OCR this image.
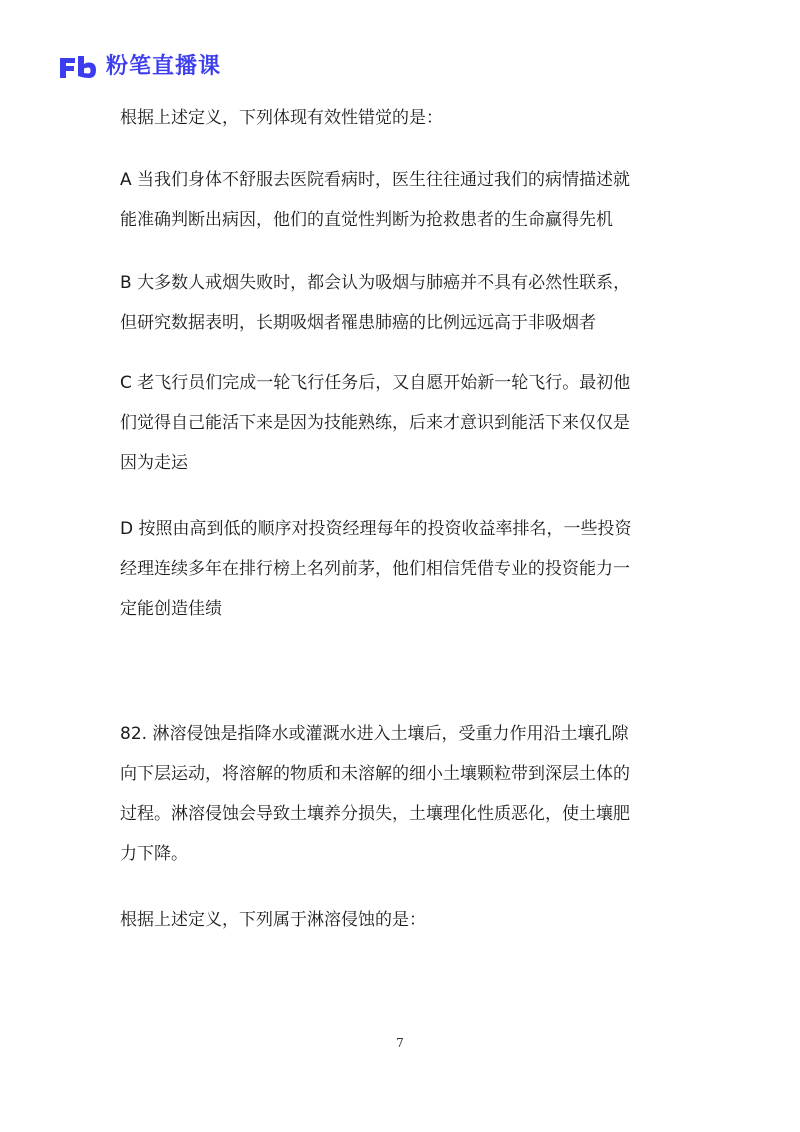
粉笔直播课

根据上述定义，下列体现有效性错觉的是：

A 当我们身体不舒服去医院看病时，医生往往通过我们的病情描述就
能准确判断出病因，他们的直觉性判断为抢救患者的生命赢得先机

B 大多数人戒烟失败时，都会认为吸烟与肺癌并不具有必然性联系，
但研究数据表明，长期吸烟者罹患肺癌的比例远远高于非吸烟者

C 老飞行员们完成一轮飞行任务后，又自愿开始新一轮飞行。最初他
们觉得自己能活下来是因为技能熟练，后来才意识到能活下来仅仅是
因为走运

D 按照由高到低的顺序对投资经理每年的投资收益率排名，一些投资
经理连续多年在排行榜上名列前茅，他们相信凭借专业的投资能力一
定能创造佳绩

82. 淋溶侵蚀是指降水或灌溉水进入土壤后，受重力作用沿土壤孔隙
向下层运动，将溶解的物质和未溶解的细小土壤颗粒带到深层土体的
过程。淋溶侵蚀会导致土壤养分损失，土壤理化性质恶化，使土壤肥
力下降。

根据上述定义，下列属于淋溶侵蚀的是：

7
